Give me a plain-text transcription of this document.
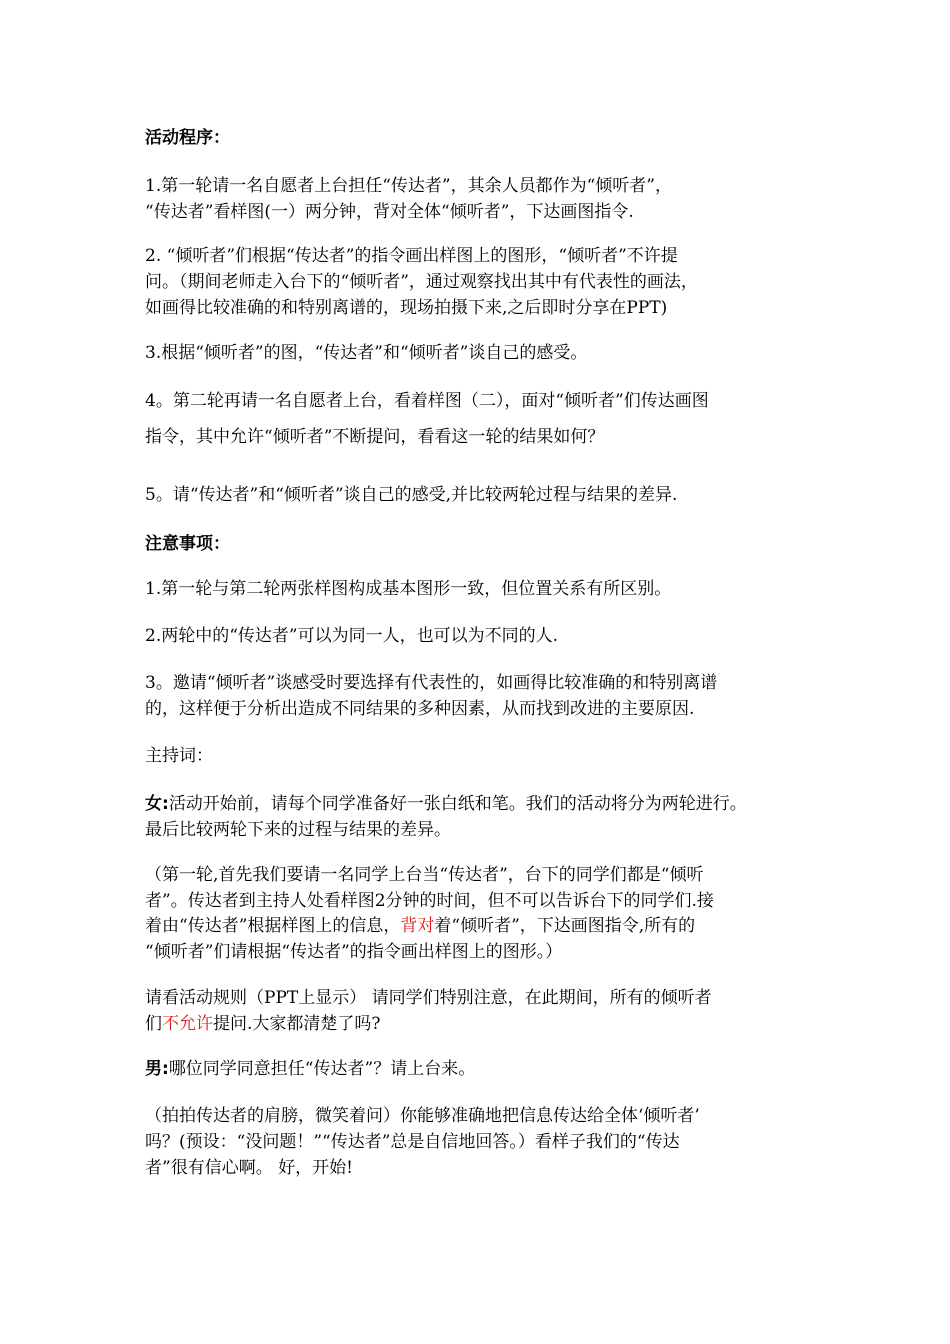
活动程序：
1.第一轮请一名自愿者上台担任“传达者”，其余人员都作为“倾听者”，
“传达者”看样图(一）两分钟，背对全体“倾听者”，下达画图指令.
2. “倾听者”们根据“传达者”的指令画出样图上的图形，“倾听者”不许提
问。（期间老师走入台下的“倾听者”，通过观察找出其中有代表性的画法，
如画得比较准确的和特别离谱的，现场拍摄下来,之后即时分享在PPT)
3.根据“倾听者”的图，“传达者”和“倾听者”谈自己的感受。
4。第二轮再请一名自愿者上台，看着样图（二），面对“倾听者”们传达画图
指令，其中允许“倾听者”不断提问，看看这一轮的结果如何？
5。请“传达者”和“倾听者”谈自己的感受,并比较两轮过程与结果的差异.
注意事项：
1.第一轮与第二轮两张样图构成基本图形一致，但位置关系有所区别。
2.两轮中的“传达者”可以为同一人，也可以为不同的人.
3。邀请“倾听者”谈感受时要选择有代表性的，如画得比较准确的和特别离谱
的，这样便于分析出造成不同结果的多种因素，从而找到改进的主要原因.
主持词：
女:活动开始前，请每个同学准备好一张白纸和笔。我们的活动将分为两轮进行。
最后比较两轮下来的过程与结果的差异。
（第一轮,首先我们要请一名同学上台当“传达者”，台下的同学们都是“倾听
者”。传达者到主持人处看样图2分钟的时间，但不可以告诉台下的同学们.接
着由“传达者”根据样图上的信息，背对着“倾听者”，下达画图指令,所有的
“倾听者”们请根据“传达者”的指令画出样图上的图形。）
请看活动规则（PPT上显示） 请同学们特别注意，在此期间，所有的倾听者
们不允许提问.大家都清楚了吗?
男:哪位同学同意担任“传达者”？请上台来。
（拍拍传达者的肩膀，微笑着问）你能够准确地把信息传达给全体‘倾听者’
吗？(预设：“没问题！”“传达者”总是自信地回答。）看样子我们的“传达
者”很有信心啊。 好，开始!
